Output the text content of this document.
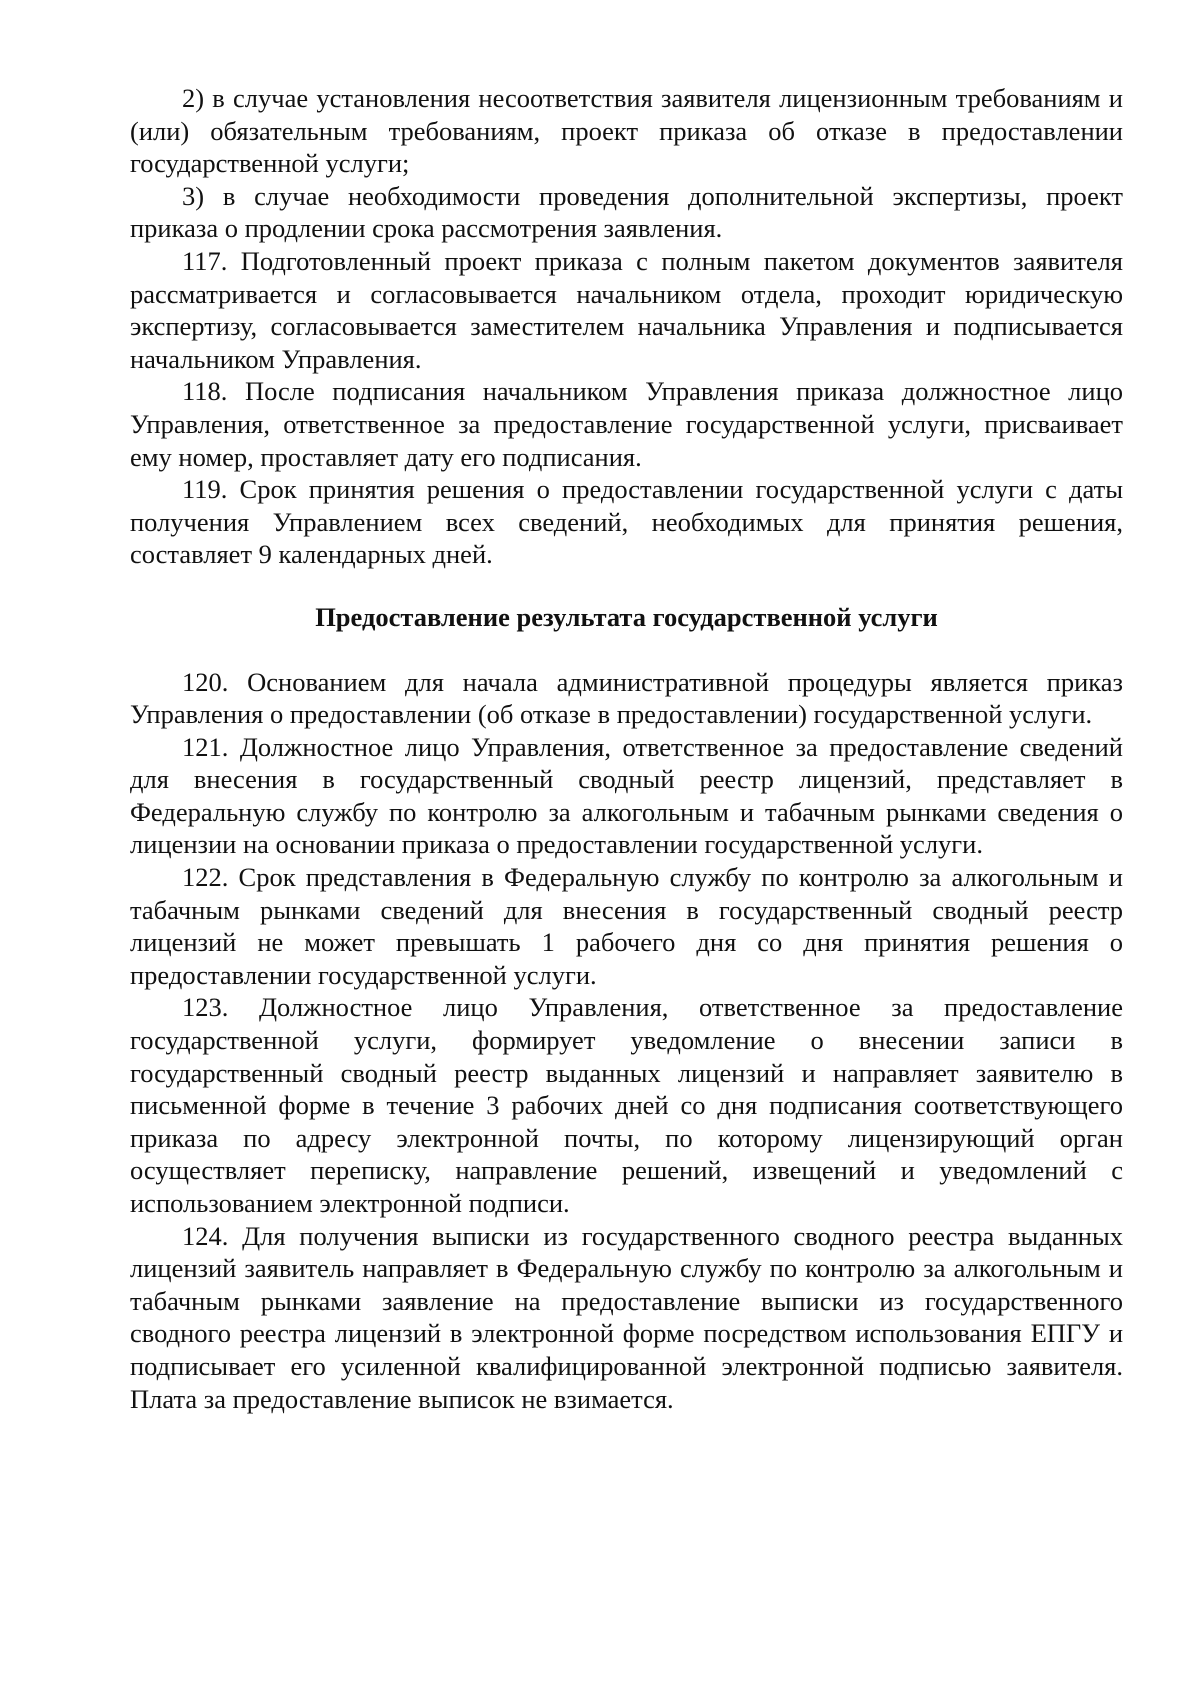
2) в случае установления несоответствия заявителя лицензионным требованиям и (или) обязательным требованиям, проект приказа об отказе в предоставлении государственной услуги;

3) в случае необходимости проведения дополнительной экспертизы, проект приказа о продлении срока рассмотрения заявления.

117. Подготовленный проект приказа с полным пакетом документов заявителя рассматривается и согласовывается начальником отдела, проходит юридическую экспертизу, согласовывается заместителем начальника Управления и подписывается начальником Управления.

118. После подписания начальником Управления приказа должностное лицо Управления, ответственное за предоставление государственной услуги, присваивает ему номер, проставляет дату его подписания.

119. Срок принятия решения о предоставлении государственной услуги с даты получения Управлением всех сведений, необходимых для принятия решения, составляет 9 календарных дней.

Предоставление результата государственной услуги

120. Основанием для начала административной процедуры является приказ Управления о предоставлении (об отказе в предоставлении) государственной услуги.

121. Должностное лицо Управления, ответственное за предоставление сведений для внесения в государственный сводный реестр лицензий, представляет в Федеральную службу по контролю за алкогольным и табачным рынками сведения о лицензии на основании приказа о предоставлении государственной услуги.

122. Срок представления в Федеральную службу по контролю за алкогольным и табачным рынками сведений для внесения в государственный сводный реестр лицензий не может превышать 1 рабочего дня со дня принятия решения о предоставлении государственной услуги.

123. Должностное лицо Управления, ответственное за предоставление государственной услуги, формирует уведомление о внесении записи в государственный сводный реестр выданных лицензий и направляет заявителю в письменной форме в течение 3 рабочих дней со дня подписания соответствующего приказа по адресу электронной почты, по которому лицензирующий орган осуществляет переписку, направление решений, извещений и уведомлений с использованием электронной подписи.

124. Для получения выписки из государственного сводного реестра выданных лицензий заявитель направляет в Федеральную службу по контролю за алкогольным и табачным рынками заявление на предоставление выписки из государственного сводного реестра лицензий в электронной форме посредством использования ЕПГУ и подписывает его усиленной квалифицированной электронной подписью заявителя. Плата за предоставление выписок не взимается.
